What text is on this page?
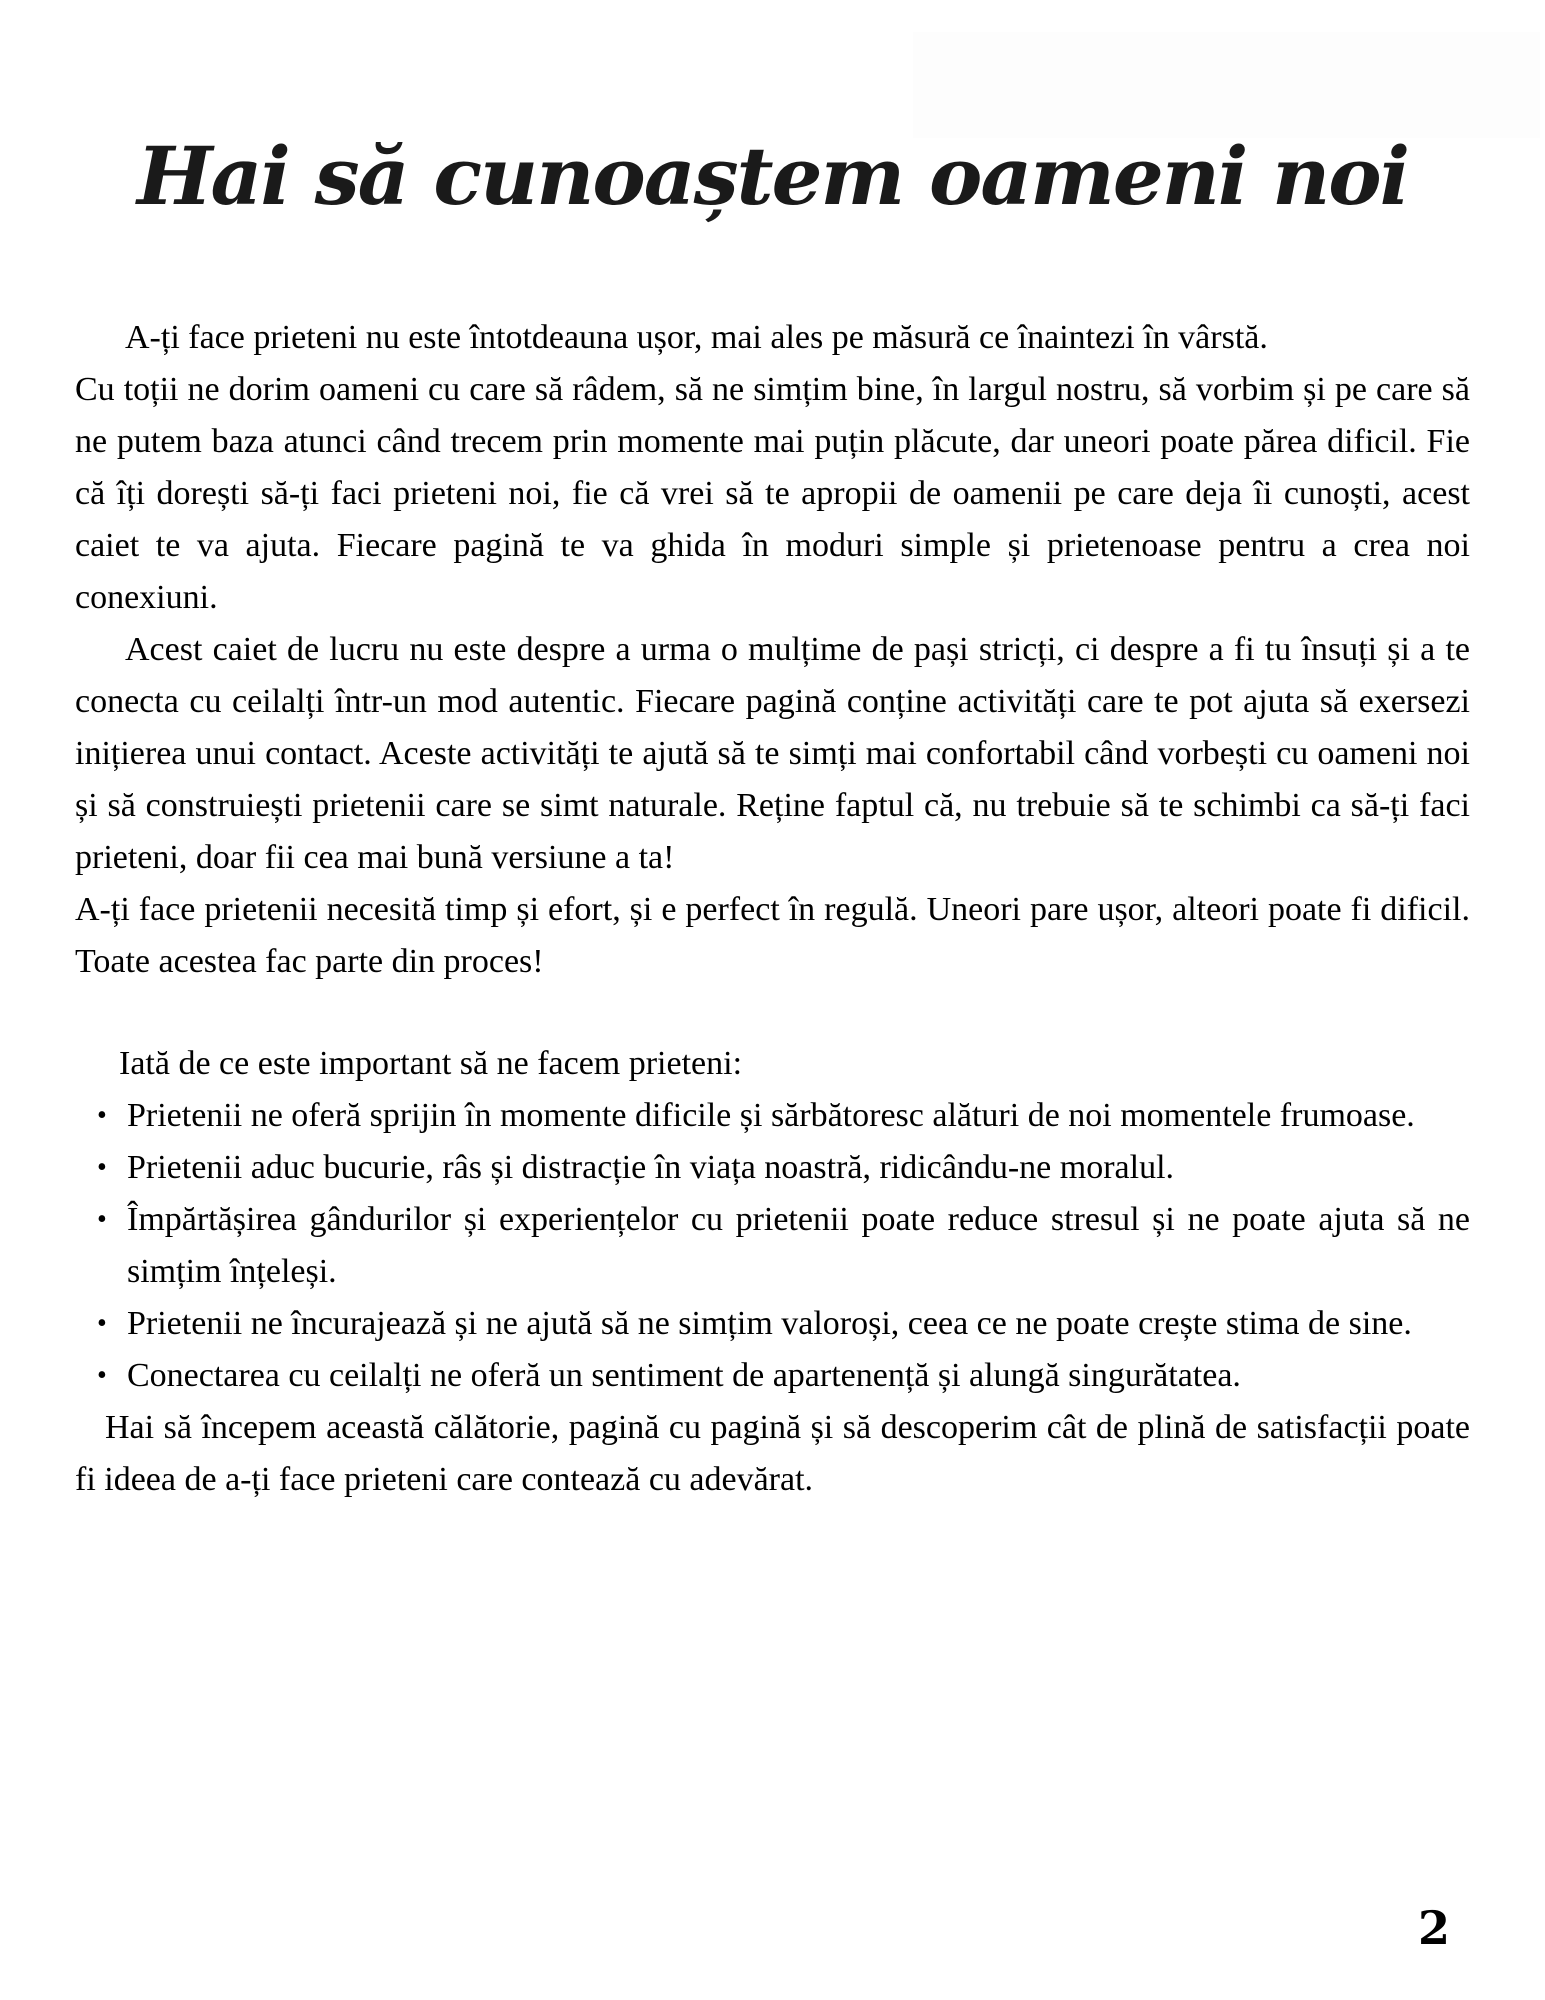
Hai să cunoaștem oameni noi

A-ți face prieteni nu este întotdeauna ușor, mai ales pe măsură ce înaintezi în vârstă.

Cu toții ne dorim oameni cu care să râdem, să ne simțim bine, în largul nostru, să vorbim și pe care să ne putem baza atunci când trecem prin momente mai puțin plăcute, dar uneori poate părea dificil. Fie că îți dorești să-ți faci prieteni noi, fie că vrei să te apropii de oamenii pe care deja îi cunoști, acest caiet te va ajuta. Fiecare pagină te va ghida în moduri simple și prietenoase pentru a crea noi conexiuni.

Acest caiet de lucru nu este despre a urma o mulțime de pași stricți, ci despre a fi tu însuți și a te conecta cu ceilalți într-un mod autentic. Fiecare pagină conține activități care te pot ajuta să exersezi inițierea unui contact. Aceste activități te ajută să te simți mai confortabil când vorbești cu oameni noi și să construiești prietenii care se simt naturale. Reține faptul că, nu trebuie să te schimbi ca să-ți faci prieteni, doar fii cea mai bună versiune a ta!

A-ți face prietenii necesită timp și efort, și e perfect în regulă. Uneori pare ușor, alteori poate fi dificil. Toate acestea fac parte din proces!

Iată de ce este important să ne facem prieteni:

• Prietenii ne oferă sprijin în momente dificile și sărbătoresc alături de noi momentele frumoase.
• Prietenii aduc bucurie, râs și distracție în viața noastră, ridicându-ne moralul.
• Împărtășirea gândurilor și experiențelor cu prietenii poate reduce stresul și ne poate ajuta să ne simțim înțeleși.
• Prietenii ne încurajează și ne ajută să ne simțim valoroși, ceea ce ne poate crește stima de sine.
• Conectarea cu ceilalți ne oferă un sentiment de apartenență și alungă singurătatea.

Hai să începem această călătorie, pagină cu pagină și să descoperim cât de plină de satisfacții poate fi ideea de a-ți face prieteni care contează cu adevărat.

2
